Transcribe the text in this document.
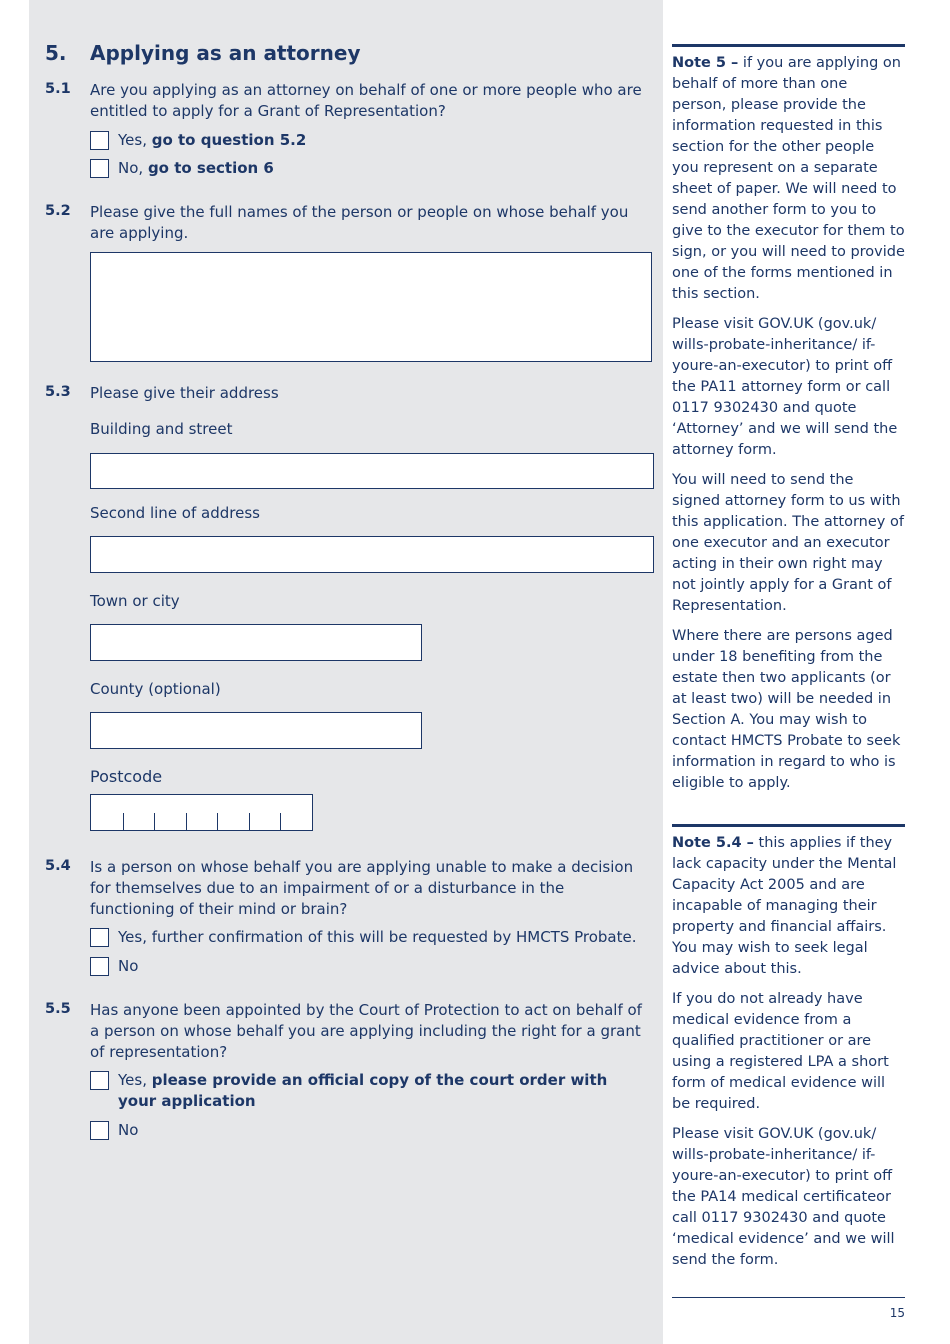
5. Applying as an attorney
5.1 Are you applying as an attorney on behalf of one or more people who are entitled to apply for a Grant of Representation?
Yes, go to question 5.2
No, go to section 6
5.2 Please give the full names of the person or people on whose behalf you are applying.
5.3 Please give their address
Building and street
Second line of address
Town or city
County (optional)
Postcode
5.4 Is a person on whose behalf you are applying unable to make a decision for themselves due to an impairment of or a disturbance in the functioning of their mind or brain?
Yes, further confirmation of this will be requested by HMCTS Probate.
No
5.5 Has anyone been appointed by the Court of Protection to act on behalf of a person on whose behalf you are applying including the right for a grant of representation?
Yes, please provide an official copy of the court order with your application
No

Note 5 – if you are applying on behalf of more than one person, please provide the information requested in this section for the other people you represent on a separate sheet of paper. We will need to send another form to you to give to the executor for them to sign, or you will need to provide one of the forms mentioned in this section.

Please visit GOV.UK (gov.uk/ wills-probate-inheritance/ if-youre-an-executor) to print off the PA11 attorney form or call 0117 9302430 and quote ‘Attorney’ and we will send the attorney form.

You will need to send the signed attorney form to us with this application. The attorney of one executor and an executor acting in their own right may not jointly apply for a Grant of Representation.

Where there are persons aged under 18 benefiting from the estate then two applicants (or at least two) will be needed in Section A. You may wish to contact HMCTS Probate to seek information in regard to who is eligible to apply.

Note 5.4 – this applies if they lack capacity under the Mental Capacity Act 2005 and are incapable of managing their property and financial affairs. You may wish to seek legal advice about this.

If you do not already have medical evidence from a qualified practitioner or are using a registered LPA a short form of medical evidence will be required.

Please visit GOV.UK (gov.uk/ wills-probate-inheritance/ if-youre-an-executor) to print off the PA14 medical certificateor call 0117 9302430 and quote ‘medical evidence’ and we will send the form.

15
